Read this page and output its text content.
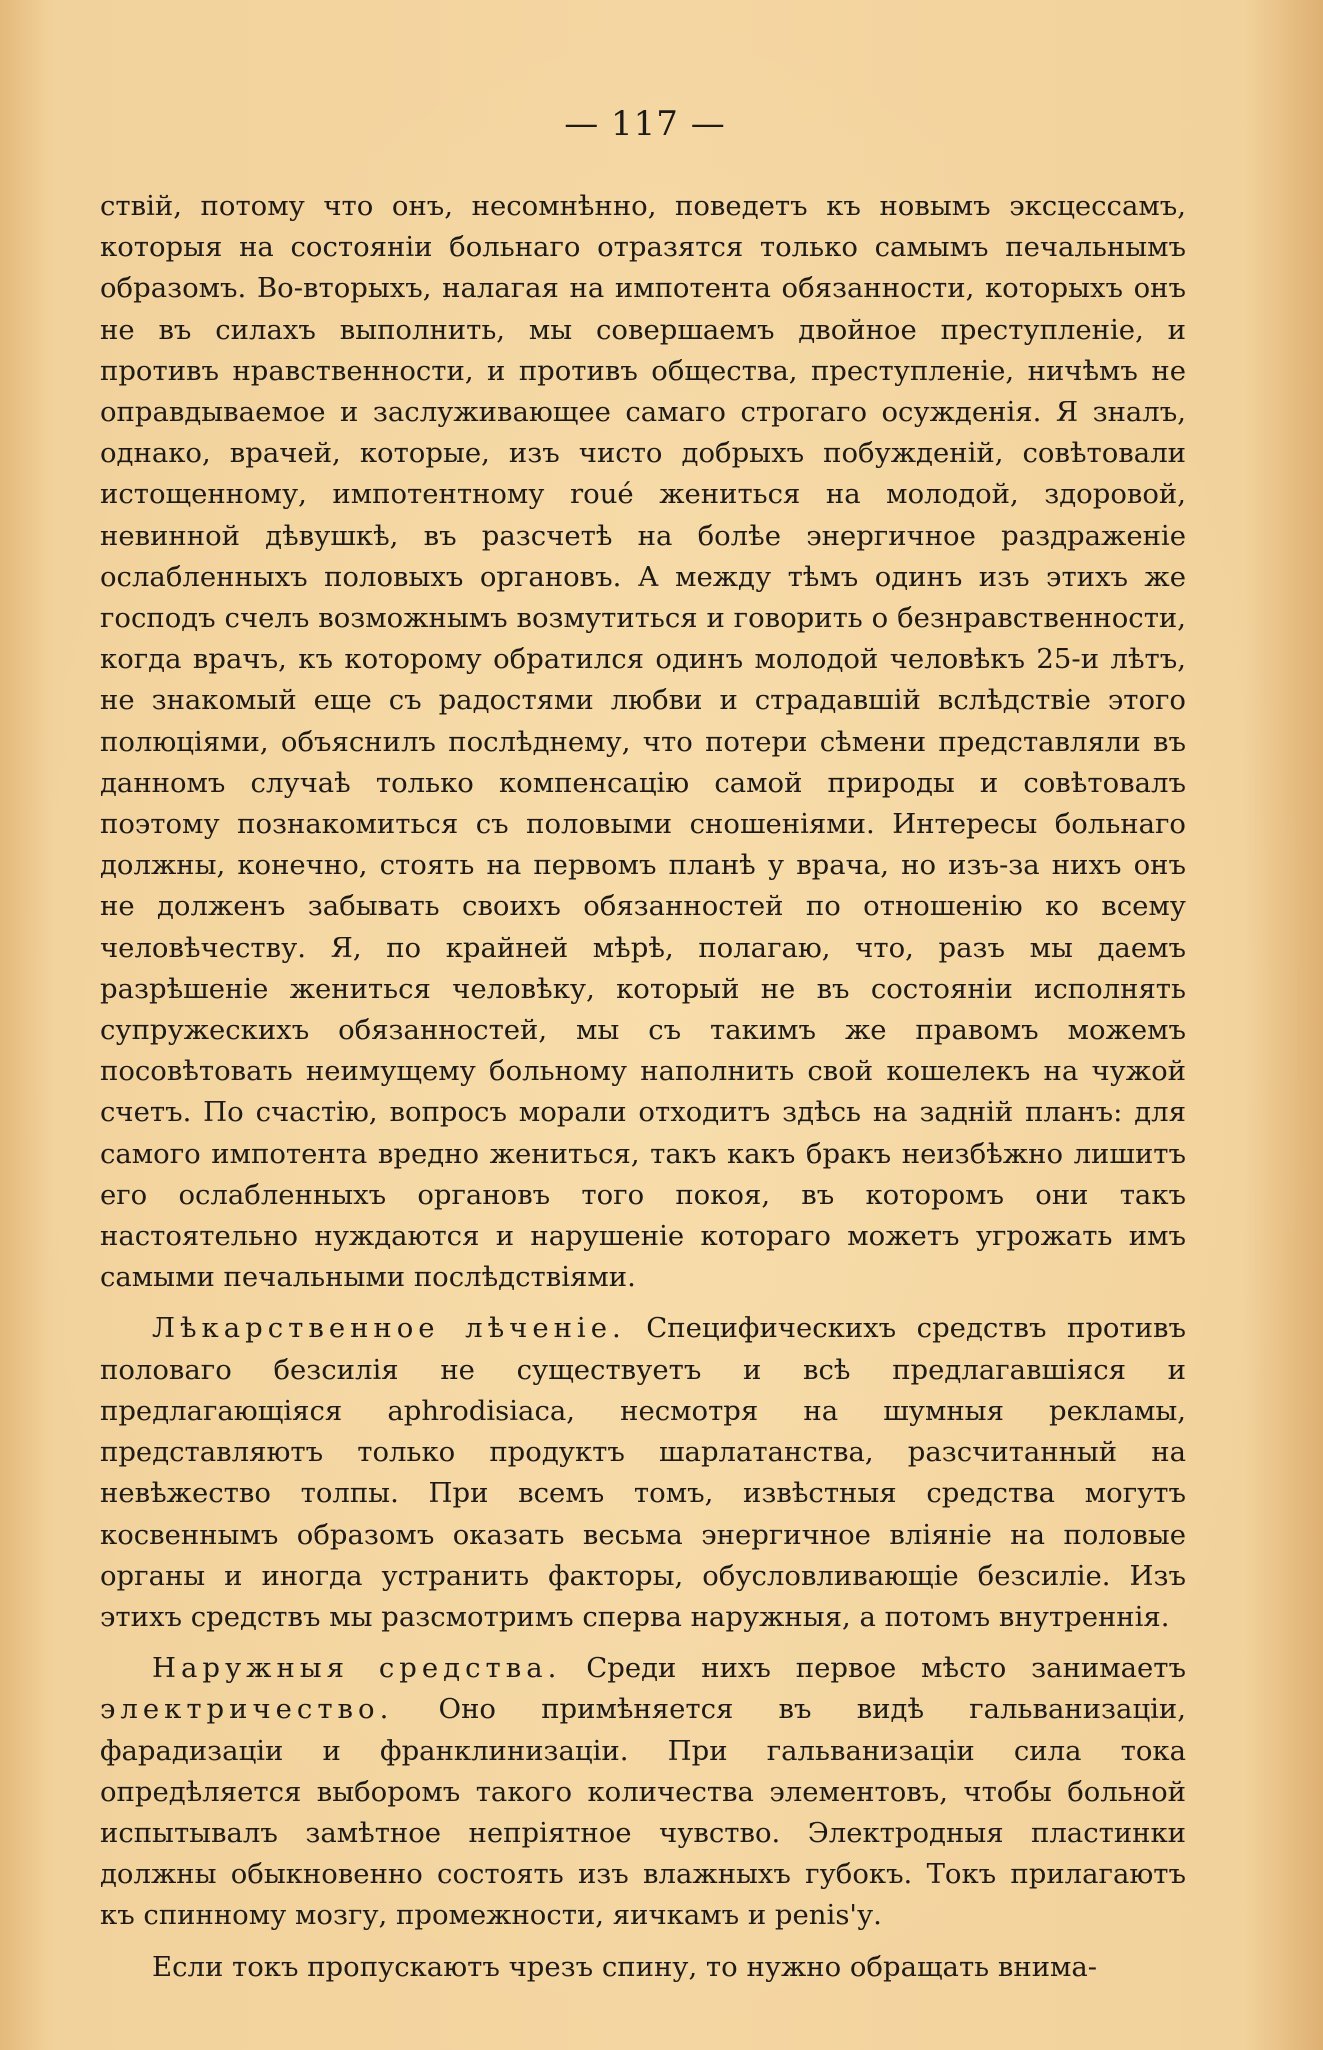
— 117 —

ствій, потому что онъ, несомнѣнно, поведетъ къ новымъ эксцессамъ, которыя на состояніи больнаго отразятся только самымъ печальнымъ образомъ. Во-вторыхъ, налагая на импотента обязанности, которыхъ онъ не въ силахъ выполнить, мы совершаемъ двойное преступленіе, и противъ нравственности, и противъ общества, преступленіе, ничѣмъ не оправдываемое и заслуживающее самаго строгаго осужденія. Я зналъ, однако, врачей, которые, изъ чисто добрыхъ побужденій, совѣтовали истощенному, импотентному roué жениться на молодой, здоровой, невинной дѣвушкѣ, въ разсчетѣ на болѣе энергичное раздраженіе ослабленныхъ половыхъ органовъ. А между тѣмъ одинъ изъ этихъ же господъ счелъ возможнымъ возмутиться и говорить о безнравственности, когда врачъ, къ которому обратился одинъ молодой человѣкъ 25-и лѣтъ, не знакомый еще съ радостями любви и страдавшій вслѣдствіе этого полюціями, объяснилъ послѣднему, что потери сѣмени представляли въ данномъ случаѣ только компенсацію самой природы и совѣтовалъ поэтому познакомиться съ половыми сношеніями. Интересы больнаго должны, конечно, стоять на первомъ планѣ у врача, но изъ-за нихъ онъ не долженъ забывать своихъ обязанностей по отношенію ко всему человѣчеству. Я, по крайней мѣрѣ, полагаю, что, разъ мы даемъ разрѣшеніе жениться человѣку, который не въ состояніи исполнять супружескихъ обязанностей, мы съ такимъ же правомъ можемъ посовѣтовать неимущему больному наполнить свой кошелекъ на чужой счетъ. По счастію, вопросъ морали отходитъ здѣсь на задній планъ: для самого импотента вредно жениться, такъ какъ бракъ неизбѣжно лишитъ его ослабленныхъ органовъ того покоя, въ которомъ они такъ настоятельно нуждаются и нарушеніе котораго можетъ угрожать имъ самыми печальными послѣдствіями.

Лѣкарственное лѣченіе. Специфическихъ средствъ противъ половаго безсилія не существуетъ и всѣ предлагавшіяся и предлагающіяся aphrodisiaca, несмотря на шумныя рекламы, представляютъ только продуктъ шарлатанства, разсчитанный на невѣжество толпы. При всемъ томъ, извѣстныя средства могутъ косвеннымъ образомъ оказать весьма энергичное вліяніе на половые органы и иногда устранить факторы, обусловливающіе безсиліе. Изъ этихъ средствъ мы разсмотримъ сперва наружныя, а потомъ внутреннія.

Наружныя средства. Среди нихъ первое мѣсто занимаетъ электричество. Оно примѣняется въ видѣ гальванизаціи, фарадизаціи и франклинизаціи. При гальванизаціи сила тока опредѣляется выборомъ такого количества элементовъ, чтобы больной испытывалъ замѣтное непріятное чувство. Электродныя пластинки должны обыкновенно состоять изъ влажныхъ губокъ. Токъ прилагаютъ къ спинному мозгу, промежности, яичкамъ и penis'у.

Если токъ пропускаютъ чрезъ спину, то нужно обращать внима-
